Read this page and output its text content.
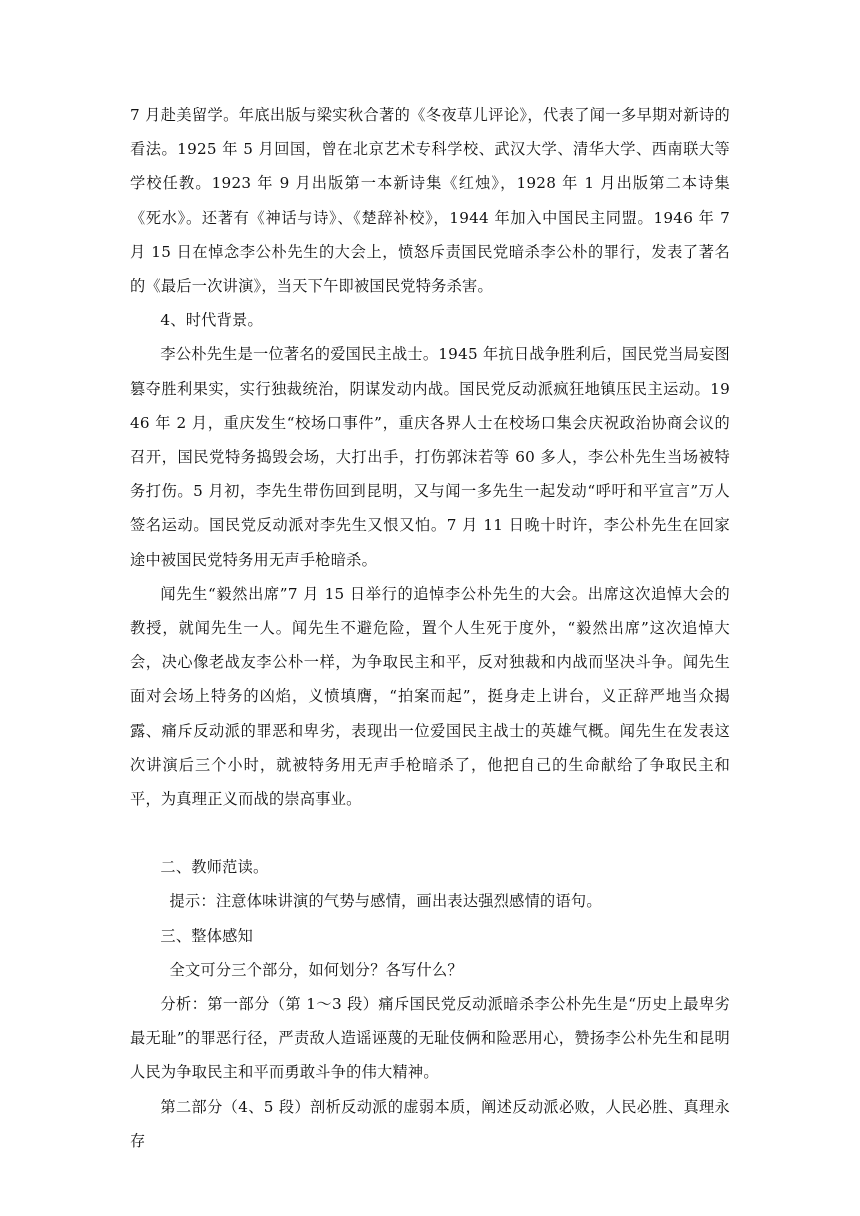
7 月赴美留学。年底出版与梁实秋合著的《冬夜草儿评论》，代表了闻一多早期对新诗的看法。1925 年 5 月回国，曾在北京艺术专科学校、武汉大学、清华大学、西南联大等学校任教。1923 年 9 月出版第一本新诗集《红烛》，1928 年 1 月出版第二本诗集《死水》。还著有《神话与诗》、《楚辞补校》，1944 年加入中国民主同盟。1946 年 7 月 15 日在悼念李公朴先生的大会上，愤怒斥责国民党暗杀李公朴的罪行，发表了著名的《最后一次讲演》，当天下午即被国民党特务杀害。

4、时代背景。

李公朴先生是一位著名的爱国民主战士。1945 年抗日战争胜利后，国民党当局妄图篡夺胜利果实，实行独裁统治，阴谋发动内战。国民党反动派疯狂地镇压民主运动。1946 年 2 月，重庆发生“校场口事件”，重庆各界人士在校场口集会庆祝政治协商会议的召开，国民党特务捣毁会场，大打出手，打伤郭沫若等 60 多人，李公朴先生当场被特务打伤。5 月初，李先生带伤回到昆明，又与闻一多先生一起发动“呼吁和平宣言”万人签名运动。国民党反动派对李先生又恨又怕。7 月 11 日晚十时许，李公朴先生在回家途中被国民党特务用无声手枪暗杀。

闻先生“毅然出席”7 月 15 日举行的追悼李公朴先生的大会。出席这次追悼大会的教授，就闻先生一人。闻先生不避危险，置个人生死于度外，“毅然出席”这次追悼大会，决心像老战友李公朴一样，为争取民主和平，反对独裁和内战而坚决斗争。闻先生面对会场上特务的凶焰，义愤填膺，“拍案而起”，挺身走上讲台，义正辞严地当众揭露、痛斥反动派的罪恶和卑劣，表现出一位爱国民主战士的英雄气概。闻先生在发表这次讲演后三个小时，就被特务用无声手枪暗杀了，他把自己的生命献给了争取民主和平，为真理正义而战的崇高事业。

二、教师范读。

提示：注意体味讲演的气势与感情，画出表达强烈感情的语句。

三、整体感知

全文可分三个部分，如何划分？各写什么？

分析：第一部分（第 1～3 段）痛斥国民党反动派暗杀李公朴先生是“历史上最卑劣最无耻”的罪恶行径，严责敌人造谣诬蔑的无耻伎俩和险恶用心，赞扬李公朴先生和昆明人民为争取民主和平而勇敢斗争的伟大精神。

第二部分（4、5 段）剖析反动派的虚弱本质，阐述反动派必败，人民必胜、真理永存
